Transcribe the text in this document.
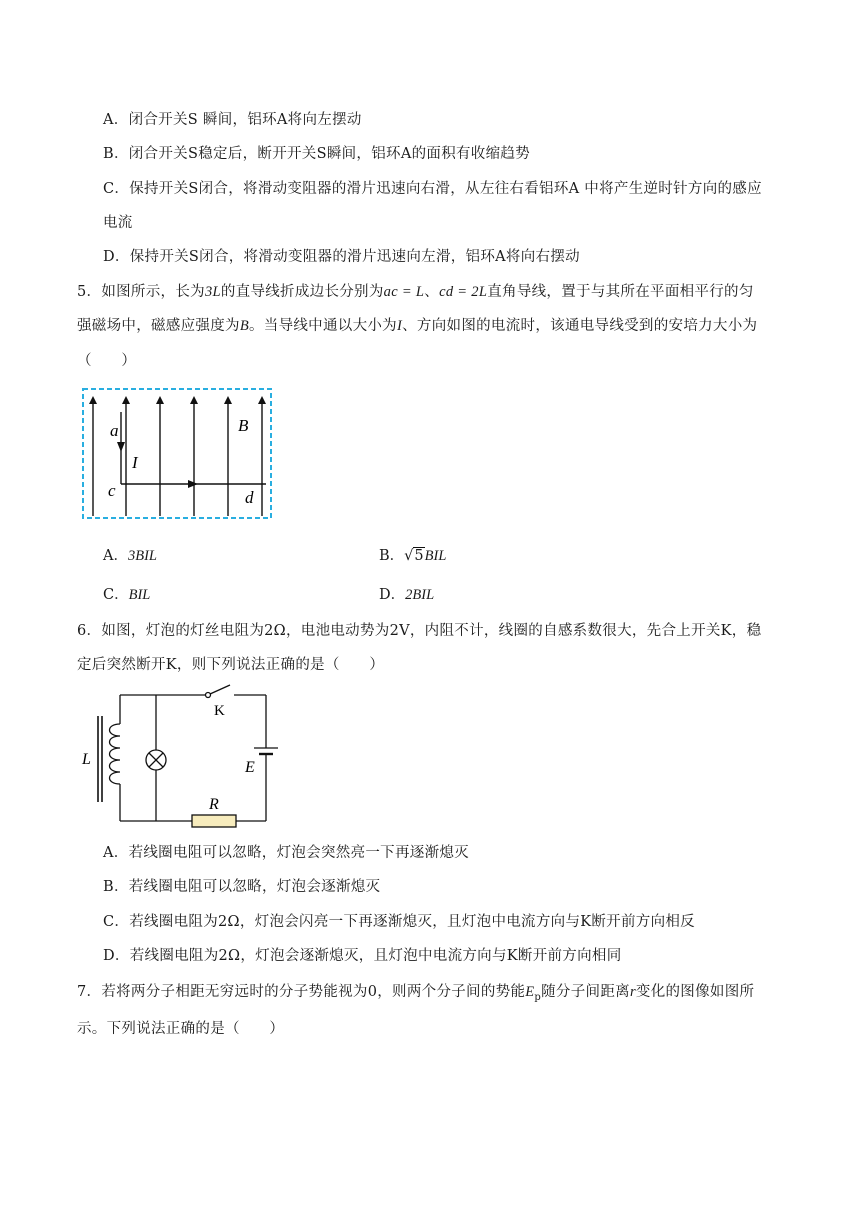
A．闭合开关S 瞬间，铝环A将向左摆动
B．闭合开关S稳定后，断开开关S瞬间，铝环A的面积有收缩趋势
C．保持开关S闭合，将滑动变阻器的滑片迅速向右滑，从左往右看铝环A 中将产生逆时针方向的感应
电流
D．保持开关S闭合，将滑动变阻器的滑片迅速向左滑，铝环A将向右摆动
5．如图所示，长为3L的直导线折成边长分别为ac = L、cd = 2L直角导线，置于与其所在平面相平行的匀
强磁场中，磁感应强度为B。当导线中通以大小为I、方向如图的电流时，该通电导线受到的安培力大小为
（　　）
a
I
B
c	d
A．3BIL	B．√5BIL
C．BIL	D．2BIL
6．如图，灯泡的灯丝电阻为2Ω，电池电动势为2V，内阻不计，线圈的自感系数很大，先合上开关K，稳
定后突然断开K，则下列说法正确的是（　　）
K
L	E
R
A．若线圈电阻可以忽略，灯泡会突然亮一下再逐渐熄灭
B．若线圈电阻可以忽略，灯泡会逐渐熄灭
C．若线圈电阻为2Ω，灯泡会闪亮一下再逐渐熄灭，且灯泡中电流方向与K断开前方向相反
D．若线圈电阻为2Ω，灯泡会逐渐熄灭，且灯泡中电流方向与K断开前方向相同
7．若将两分子相距无穷远时的分子势能视为0，则两个分子间的势能$E_p$随分子间距离r变化的图像如图所
示。下列说法正确的是（　　）
